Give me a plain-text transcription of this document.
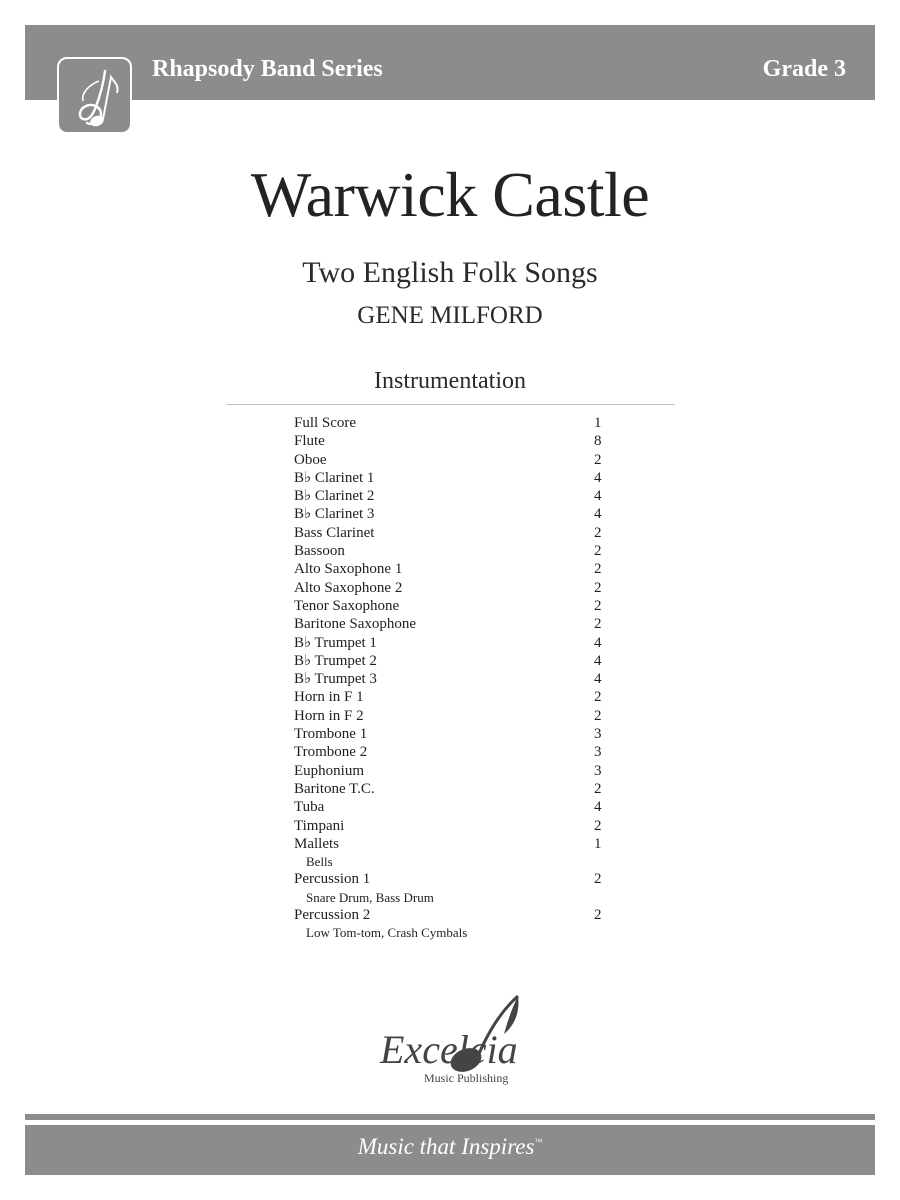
Rhapsody Band Series	Grade 3
Warwick Castle
Two English Folk Songs
GENE MILFORD
Instrumentation
Full Score	1
Flute	8
Oboe	2
B♭ Clarinet 1	4
B♭ Clarinet 2	4
B♭ Clarinet 3	4
Bass Clarinet	2
Bassoon	2
Alto Saxophone 1	2
Alto Saxophone 2	2
Tenor Saxophone	2
Baritone Saxophone	2
B♭ Trumpet 1	4
B♭ Trumpet 2	4
B♭ Trumpet 3	4
Horn in F 1	2
Horn in F 2	2
Trombone 1	3
Trombone 2	3
Euphonium	3
Baritone T.C.	2
Tuba	4
Timpani	2
Mallets	1
Bells
Percussion 1	2
Snare Drum, Bass Drum
Percussion 2	2
Low Tom-tom, Crash Cymbals
Excelcia
Music Publishing
Music that Inspires™
